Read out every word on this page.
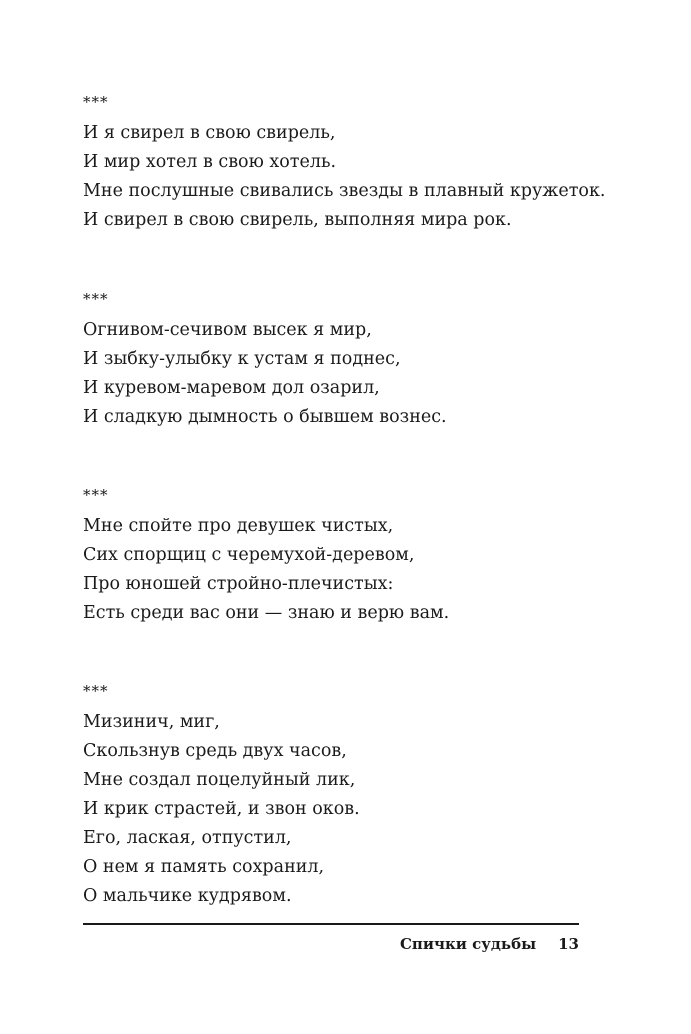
***
И я свирел в свою свирель,
И мир хотел в свою хотель.
Мне послушные свивались звезды в плавный кружеток.
И свирел в свою свирель, выполняя мира рок.
***
Огнивом-сечивом высек я мир,
И зыбку-улыбку к устам я поднес,
И куревом-маревом дол озарил,
И сладкую дымность о бывшем вознес.
***
Мне спойте про девушек чистых,
Сих спорщиц с черемухой-деревом,
Про юношей стройно-плечистых:
Есть среди вас они — знаю и верю вам.
***
Мизинич, миг,
Скользнув средь двух часов,
Мне создал поцелуйный лик,
И крик страстей, и звон оков.
Его, лаская, отпустил,
О нем я память сохранил,
О мальчике кудрявом.
Спички судьбы 13
